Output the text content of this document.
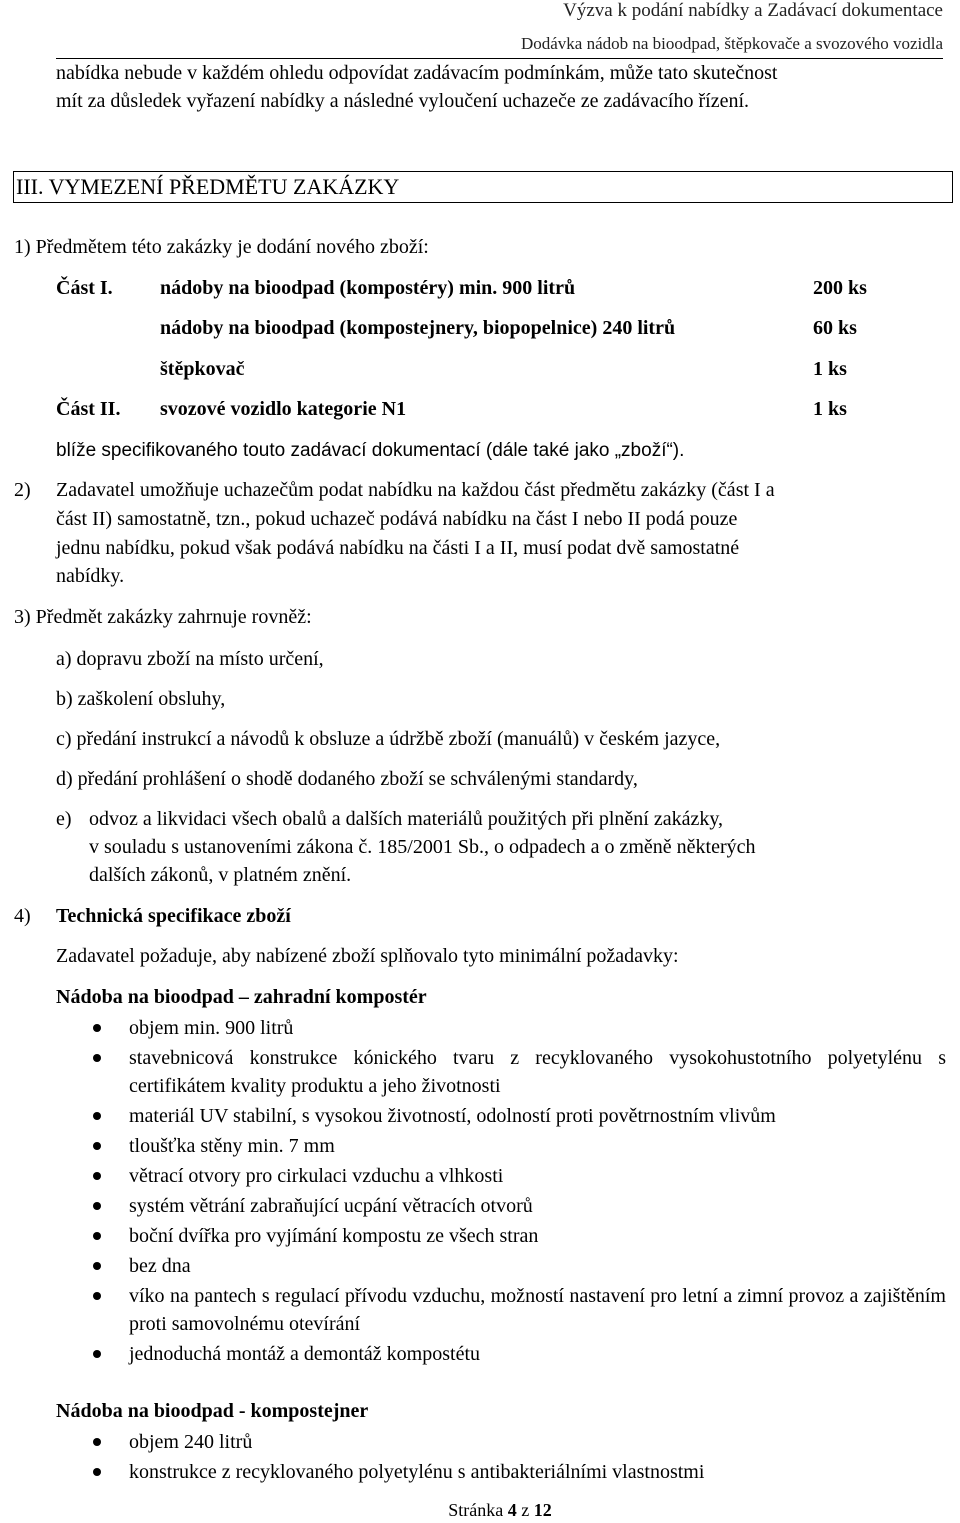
Výzva k podání nabídky a Zadávací dokumentace
Dodávka nádob na bioodpad, štěpkovače a svozového vozidla
nabídka nebude v každém ohledu odpovídat zadávacím podmínkám, může tato skutečnost
mít za důsledek vyřazení nabídky a následné vyloučení uchazeče ze zadávacího řízení.
III. VYMEZENÍ PŘEDMĚTU ZAKÁZKY
1) Předmětem této zakázky je dodání nového zboží:
Část I. nádoby na bioodpad (kompostéry) min. 900 litrů	200 ks
nádoby na bioodpad (kompostejnery, biopopelnice) 240 litrů	60 ks
štěpkovač	1 ks
Část II. svozové vozidlo kategorie N1	1 ks
blíže specifikovaného touto zadávací dokumentací (dále také jako „zboží“).
2) Zadavatel umožňuje uchazečům podat nabídku na každou část předmětu zakázky (část I a
část II) samostatně, tzn., pokud uchazeč podává nabídku na část I nebo II podá pouze
jednu nabídku, pokud však podává nabídku na části I a II, musí podat dvě samostatné
nabídky.
3) Předmět zakázky zahrnuje rovněž:
a) dopravu zboží na místo určení,
b) zaškolení obsluhy,
c) předání instrukcí a návodů k obsluze a údržbě zboží (manuálů) v českém jazyce,
d) předání prohlášení o shodě dodaného zboží se schválenými standardy,
e) odvoz a likvidaci všech obalů a dalších materiálů použitých při plnění zakázky,
v souladu s ustanoveními zákona č. 185/2001 Sb., o odpadech a o změně některých
dalších zákonů, v platném znění.
4) Technická specifikace zboží
Zadavatel požaduje, aby nabízené zboží splňovalo tyto minimální požadavky:
Nádoba na bioodpad – zahradní kompostér
objem min. 900 litrů
stavebnicová konstrukce kónického tvaru z recyklovaného vysokohustotního polyetylénu s certifikátem kvality produktu a jeho životnosti
materiál UV stabilní, s vysokou životností, odolností proti povětrnostním vlivům
tloušťka stěny min. 7 mm
větrací otvory pro cirkulaci vzduchu a vlhkosti
systém větrání zabraňující ucpání větracích otvorů
boční dvířka pro vyjímání kompostu ze všech stran
bez dna
víko na pantech s regulací přívodu vzduchu, možností nastavení pro letní a zimní provoz a zajištěním proti samovolnému otevírání
jednoduchá montáž a demontáž kompostétu
Nádoba na bioodpad - kompostejner
objem 240 litrů
konstrukce z recyklovaného polyetylénu s antibakteriálními vlastnostmi
Stránka 4 z 12
